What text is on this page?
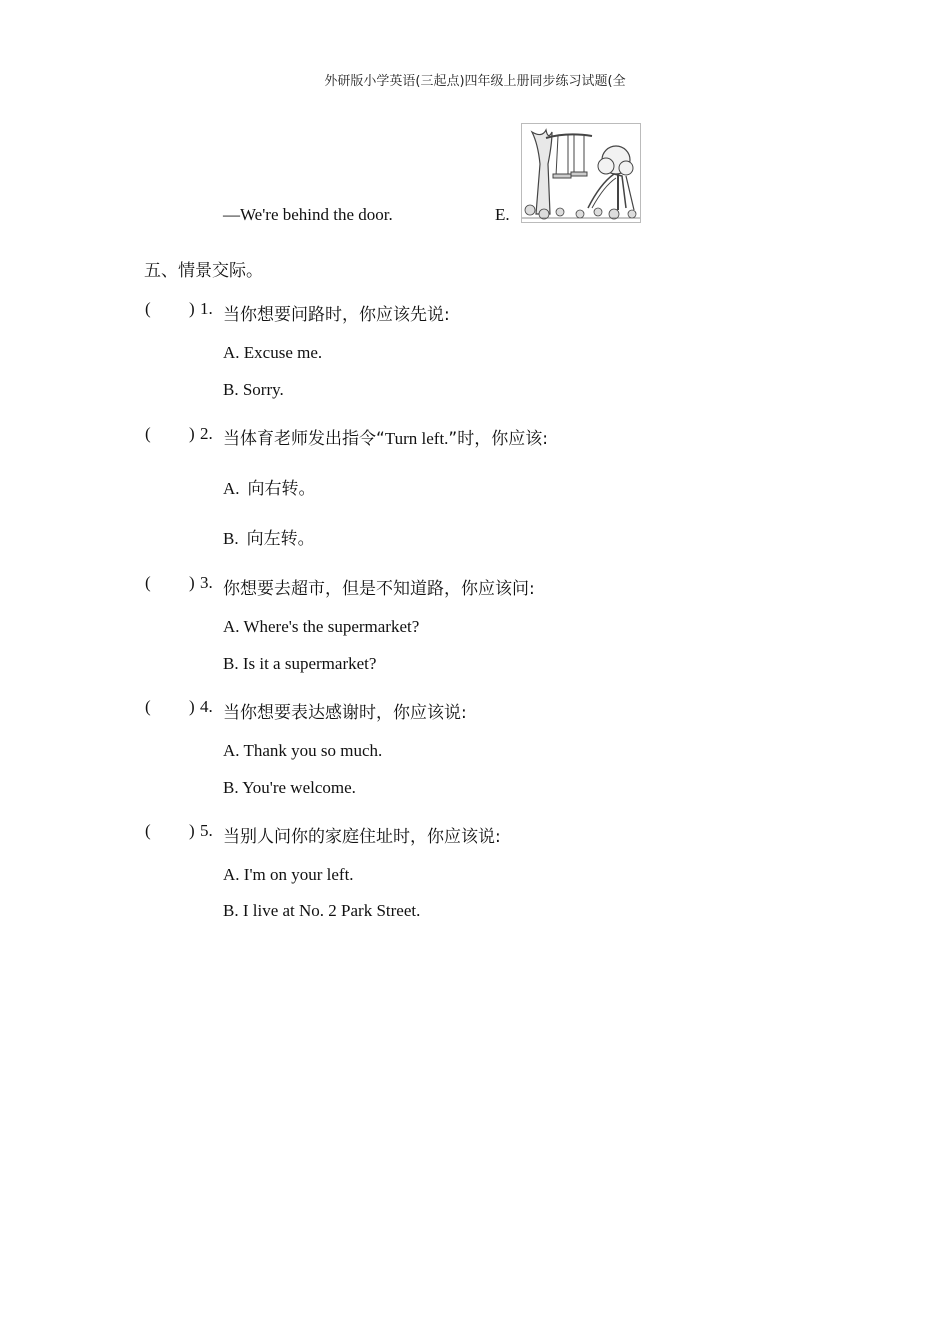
外研版小学英语(三起点)四年级上册同步练习试题(全
—We're behind the door.	E.
五、情景交际。
( ) 1. 当你想要问路时，你应该先说:
A. Excuse me.
B. Sorry.
( ) 2. 当体育老师发出指令“Turn left.”时，你应该:
A. 向右转。
B. 向左转。
( ) 3. 你想要去超市，但是不知道路，你应该问:
A. Where's the supermarket?
B. Is it a supermarket?
( ) 4. 当你想要表达感谢时，你应该说:
A. Thank you so much.
B. You're welcome.
( ) 5. 当别人问你的家庭住址时，你应该说:
A. I'm on your left.
B. I live at No. 2 Park Street.
